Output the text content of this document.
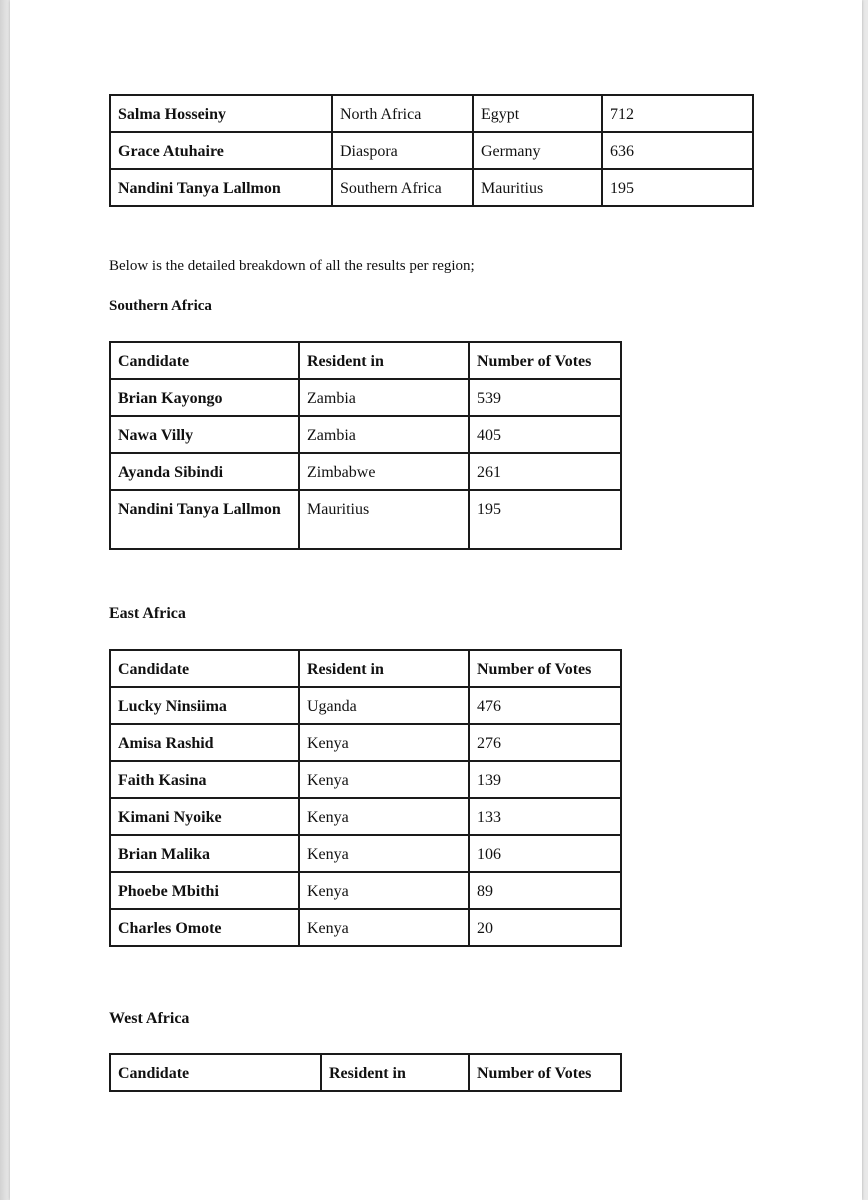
Salma Hosseiny	North Africa	Egypt	712

Grace Atuhaire	Diaspora	Germany	636

Nandini Tanya Lallmon	Southern Africa	Mauritius	195

Below is the detailed breakdown of all the results per region;

Southern Africa

Candidate	Resident in	Number of Votes

Brian Kayongo	Zambia	539

Nawa Villy	Zambia	405

Ayanda Sibindi	Zimbabwe	261

Nandini Tanya Lallmon	Mauritius	195

East Africa

Candidate	Resident in	Number of Votes

Lucky Ninsiima	Uganda	476

Amisa Rashid	Kenya	276

Faith Kasina	Kenya	139

Kimani Nyoike	Kenya	133

Brian Malika	Kenya	106

Phoebe Mbithi	Kenya	89

Charles Omote	Kenya	20

West Africa

Candidate	Resident in	Number of Votes
